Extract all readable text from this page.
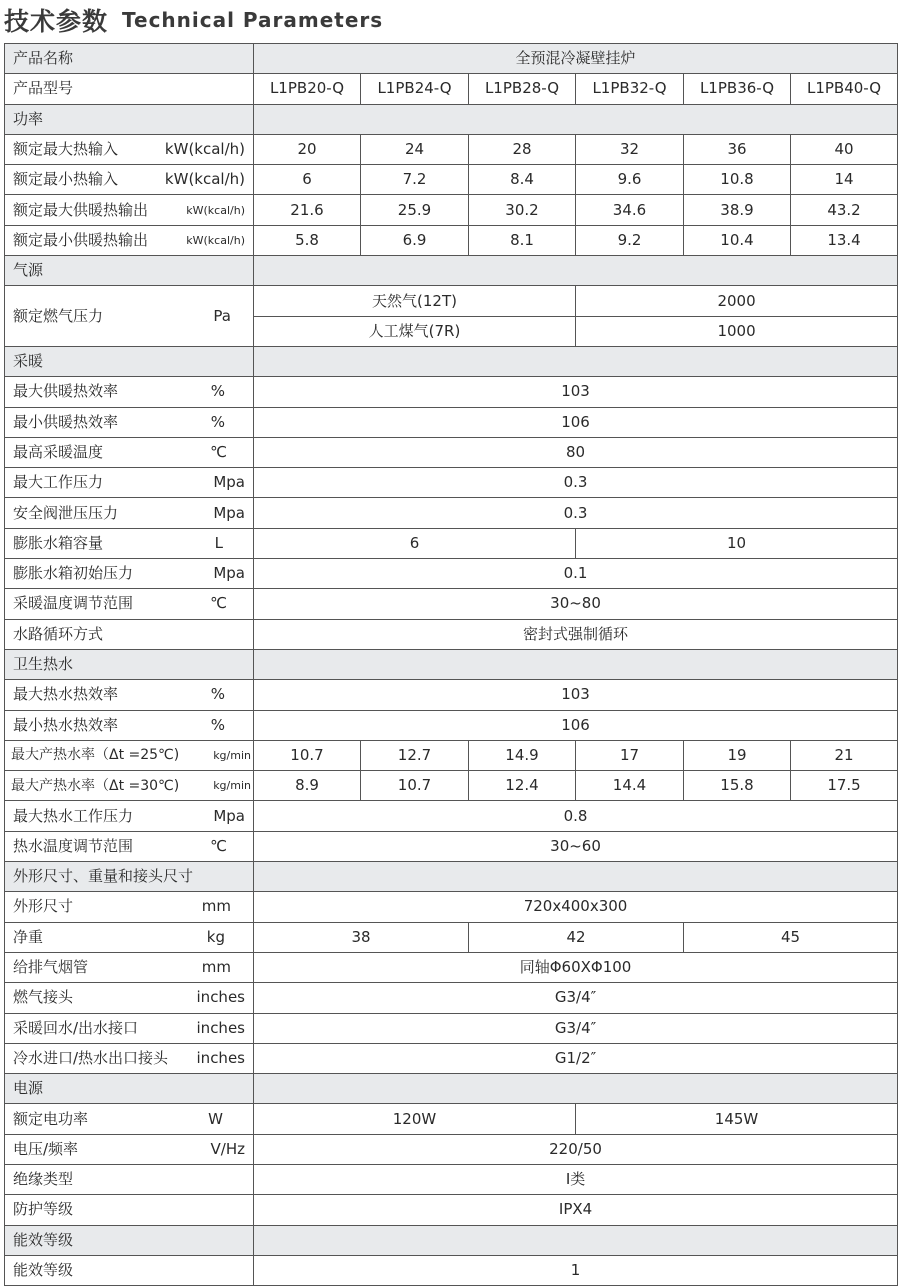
技术参数 Technical Parameters
产品名称	全预混冷凝壁挂炉					
产品型号	L1PB20-Q	L1PB24-Q	L1PB28-Q	L1PB32-Q	L1PB36-Q	L1PB40-Q
功率						

额定最大热输入 kW(kcal/h)	20	24	28	32	36	40

额定最小热输入 kW(kcal/h)	6	7.2	8.4	9.6	10.8	14

额定最大供暖热输出 kW(kcal/h)	21.6	25.9	30.2	34.6	38.9	43.2

额定最小供暖热输出 kW(kcal/h)	5.8	6.9	8.1	9.2	10.4	13.4
气源						

额定燃气压力 Pa	天然气(12T)			2000		
	人工煤气(7R)			1000		
采暖						

最大供暖热效率 %	103					

最小供暖热效率 %	106					

最高采暖温度 ℃	80					

最大工作压力 Mpa	0.3					

安全阀泄压压力 Mpa	0.3					

膨胀水箱容量 L	6			10		

膨胀水箱初始压力 Mpa	0.1					

采暖温度调节范围 ℃	30~80					

水路循环方式	密封式强制循环					
卫生热水						

最大热水热效率 %	103					

最小热水热效率 %	106					

最大产热水率（Δt =25℃) kg/min	10.7	12.7	14.9	17	19	21

最大产热水率（Δt =30℃) kg/min	8.9	10.7	12.4	14.4	15.8	17.5

最大热水工作压力 Mpa	0.8					

热水温度调节范围 ℃	30~60					
外形尺寸、重量和接头尺寸						

外形尺寸 mm	720x400x300					

净重 kg	38		42		45	

给排气烟管 mm	同轴Φ60XΦ100					

燃气接头 inches	G3/4″					

采暖回水/出水接口 inches	G3/4″					

冷水进口/热水出口接头 inches	G1/2″					
电源						

额定电功率 W	120W			145W		

电压/频率 V/Hz	220/50					

绝缘类型	I类					

防护等级	IPX4					
能效等级						

能效等级	1					
